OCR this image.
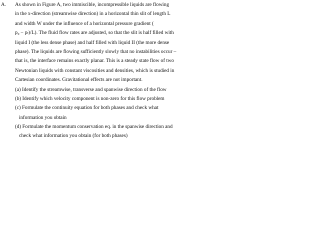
A. As shown in Figure A, two immiscible, incompressible liquids are flowing
in the x-direction (streamwise direction) in a horizontal thin slit of length L
and width W under the influence of a horizontal pressure gradient (
p₀ − pₗ)/L). The fluid flow rates are adjusted, so that the slit is half filled with
liquid I (the less dense phase) and half filled with liquid II (the more dense
phase). The liquids are flowing sufficiently slowly that no instabilities occur –
that is, the interface remains exactly planar. This is a steady state flow of two
Newtonian liquids with constant viscosities and densities, which is studied in
Cartesian coordinates. Gravitational effects are not important.
(a) Identify the streamwise, transverse and spanwise direction of the flow
(b) Identify which velocity component is non-zero for this flow problem
(c) Formulate the continuity equation for both phases and check what
information you obtain
(d) Formulate the momentum conservation eq. in the spanwise direction and
check what information you obtain (for both phases)
